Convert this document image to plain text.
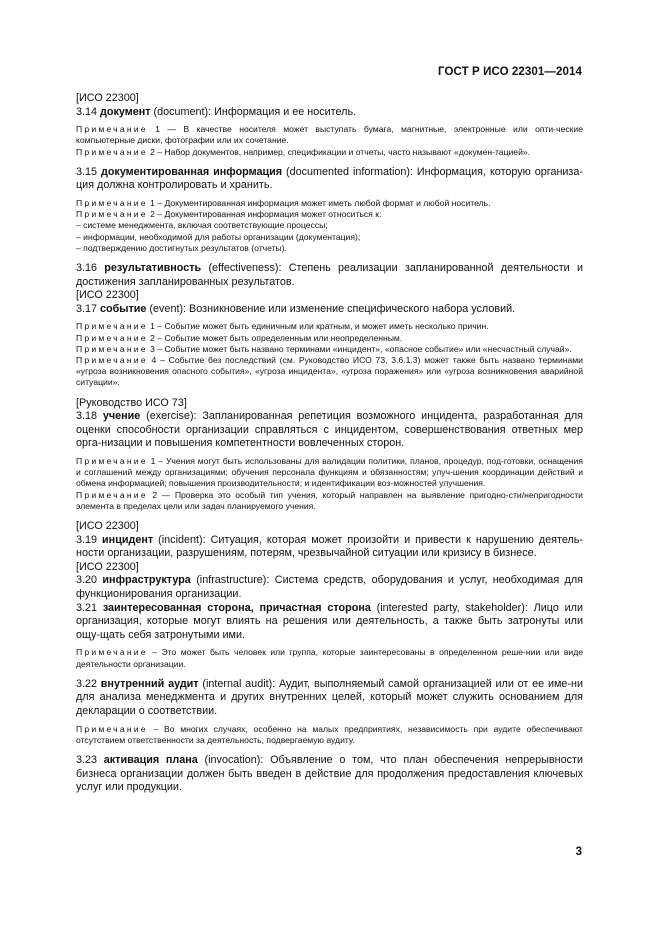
ГОСТ Р ИСО 22301—2014

[ИСО 22300]

3.14 документ (document): Информация и ее носитель.

Примечание 1 — В качестве носителя может выступать бумага, магнитные, электронные или опти-ческие компьютерные диски, фотографии или их сочетание.

Примечание 2 – Набор документов, например, спецификации и отчеты, часто называют «докумен-тацией».

3.15 документированная информация (documented information): Информация, которую организа-ция должна контролировать и хранить.

Примечание 1 – Документированная информация может иметь любой формат и любой носитель.

Примечание 2 – Документированная информация может относиться к:

– системе менеджмента, включая соответствующие процессы;

– информации, необходимой для работы организации (документация);

– подтверждению достигнутых результатов (отчеты).

3.16 результативность (effectiveness): Степень реализации запланированной деятельности и достижения запланированных результатов.

[ИСО 22300]

3.17 событие (event): Возникновение или изменение специфического набора условий.

Примечание 1 – Событие может быть единичным или кратным, и может иметь несколько причин.

Примечание 2 – Событие может быть определенным или неопределенным.

Примечание 3 – Событие может быть названо терминами «инцидент», «опасное событие» или «несчастный случай».

Примечание 4 – Событие без последствий (см. Руководство ИСО 73, 3.6.1.3) может также быть названо терминами «угроза возникновения опасного события», «угроза инцидента», «угроза поражения» или «угроза возникновения аварийной ситуации».

[Руководство ИСО 73]

3.18 учение (exercise): Запланированная репетиция возможного инцидента, разработанная для оценки способности организации справляться с инцидентом, совершенствования ответных мер орга-низации и повышения компетентности вовлеченных сторон.

Примечание 1 – Учения могут быть использованы для валидации политики, планов, процедур, под-готовки, оснащения и соглашений между организациями; обучения персонала функциям и обязанностям; улуч-шения координации действий и обмена информацией; повышения производительности; и идентификации воз-можностей улучшения.

Примечание 2 — Проверка это особый тип учения, который направлен на выявление пригодно-сти/непригодности элемента в пределах цели или задач планируемого учения.

[ИСО 22300]

3.19 инцидент (incident): Ситуация, которая может произойти и привести к нарушению деятель-ности организации, разрушениям, потерям, чрезвычайной ситуации или кризису в бизнесе.

[ИСО 22300]

3.20 инфраструктура (infrastructure): Система средств, оборудования и услуг, необходимая для функционирования организации.

3.21 заинтересованная сторона, причастная сторона (interested party, stakeholder): Лицо или организация, которые могут влиять на решения или деятельность, а также быть затронуты или ощу-щать себя затронутыми ими.

Примечание – Это может быть человек или группа, которые заинтересованы в определенном реше-нии или виде деятельности организации.

3.22 внутренний аудит (internal audit): Аудит, выполняемый самой организацией или от ее име-ни для анализа менеджмента и других внутренних целей, который может служить основанием для декларации о соответствии.

Примечание – Во многих случаях, особенно на малых предприятиях, независимость при аудите обеспечивают отсутствием ответственности за деятельность, подвергаемую аудиту.

3.23 активация плана (invocation): Объявление о том, что план обеспечения непрерывности бизнеса организации должен быть введен в действие для продолжения предоставления ключевых услуг или продукции.

3
